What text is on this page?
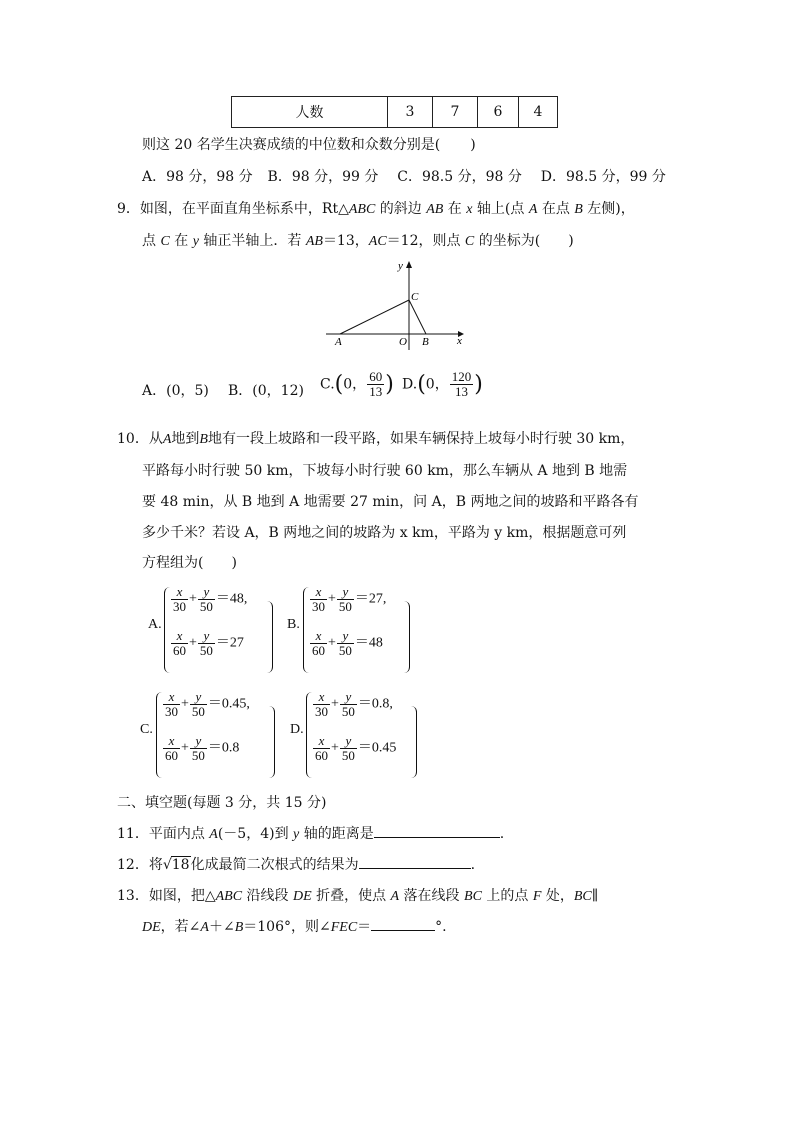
人数	3	7	6	4
则这 20 名学生决赛成绩的中位数和众数分别是( )
A．98 分，98 分 B．98 分，99 分 C．98.5 分，98 分 D．98.5 分，99 分
9．如图，在平面直角坐标系中，Rt△ABC 的斜边 AB 在 x 轴上(点 A 在点 B 左侧)，
点 C 在 y 轴正半轴上．若 AB＝13，AC＝12，则点 C 的坐标为( )
y
x
C
A	O B
A．(0，5) B．(0，12) C.(0， $\frac{60}{13}$ ) D.(0， $\frac{120}{13}$ )
10．从A地到B地有一段上坡路和一段平路，如果车辆保持上坡每小时行驶 30 km，
平路每小时行驶 50 km，下坡每小时行驶 60 km，那么车辆从 A 地到 B 地需
要 48 min，从 B 地到 A 地需要 27 min，问 A，B 两地之间的坡路和平路各有
多少千米？若设 A，B 两地之间的坡路为 x km，平路为 y km，根据题意可列
方程组为( )
A.
$\frac{x}{30} + \frac{y}{50} =48$,
$\frac{x}{60} + \frac{y}{50} =27$
B.
$\frac{x}{30} + \frac{y}{50} =27$,
$\frac{x}{60} + \frac{y}{50} =48$
C.
$\frac{x}{30} + \frac{y}{50} =0.45$,
$\frac{x}{60} + \frac{y}{50} =0.8$
D.
$\frac{x}{30} + \frac{y}{50} =0.8$,
$\frac{x}{60} + \frac{y}{50} =0.45$
二、填空题(每题 3 分，共 15 分)
11．平面内点 A(－5，4)到 y 轴的距离是	.
12．将√18化成最简二次根式的结果为	.
13．如图，把△ABC 沿线段 DE 折叠，使点 A 落在线段 BC 上的点 F 处，BC∥
DE，若∠A＋∠B＝106°，则∠FEC＝	°.
